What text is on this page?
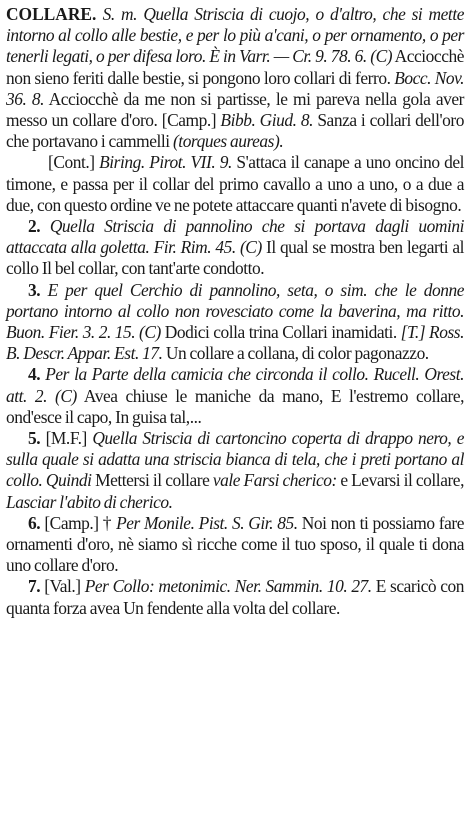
COLLARE. S. m. Quella Striscia di cuojo, o d'altro, che si mette intorno al collo alle bestie, e per lo più a'cani, o per ornamento, o per tenerli legati, o per difesa loro. È in Varr. — Cr. 9. 78. 6. (C) Acciocchè non sieno feriti dalle bestie, si pongono loro collari di ferro. Bocc. Nov. 36. 8. Acciocchè da me non si partisse, le mi pareva nella gola aver messo un collare d'oro. [Camp.] Bibb. Giud. 8. Sanza i collari dell'oro che portavano i cammelli (torques aureas).

[Cont.] Biring. Pirot. VII. 9. S'attaca il canape a uno oncino del timone, e passa per il collar del primo cavallo a uno a uno, o a due a due, con questo ordine ve ne potete attaccare quanti n'avete di bisogno.

2. Quella Striscia di pannolino che si portava dagli uomini attaccata alla goletta. Fir. Rim. 45. (C) Il qual se mostra ben legarti al collo Il bel collar, con tant'arte condotto.

3. E per quel Cerchio di pannolino, seta, o sim. che le donne portano intorno al collo non rovesciato come la baverina, ma ritto. Buon. Fier. 3. 2. 15. (C) Dodici colla trina Collari inamidati. [T.] Ross. B. Descr. Appar. Est. 17. Un collare a collana, di color pagonazzo.

4. Per la Parte della camicia che circonda il collo. Rucell. Orest. att. 2. (C) Avea chiuse le maniche da mano, E l'estremo collare, ond'esce il capo, In guisa tal,...

5. [M.F.] Quella Striscia di cartoncino coperta di drappo nero, e sulla quale si adatta una striscia bianca di tela, che i preti portano al collo. Quindi Mettersi il collare vale Farsi cherico: e Levarsi il collare, Lasciar l'abito di cherico.

6. [Camp.] † Per Monile. Pist. S. Gir. 85. Noi non ti possiamo fare ornamenti d'oro, nè siamo sì ricche come il tuo sposo, il quale ti dona uno collare d'oro.

7. [Val.] Per Collo: metonimic. Ner. Sammin. 10. 27. E scaricò con quanta forza avea Un fendente alla volta del collare.
